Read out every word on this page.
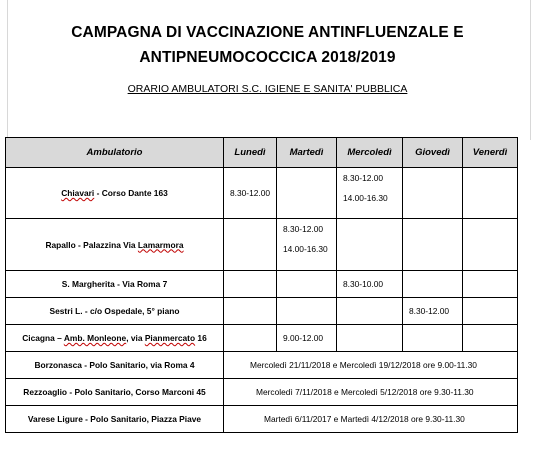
CAMPAGNA DI VACCINAZIONE ANTINFLUENZALE E
ANTIPNEUMOCOCCICA 2018/2019
ORARIO AMBULATORI S.C. IGIENE E SANITA' PUBBLICA
Ambulatorio	Lunedì	Martedì	Mercoledì	Giovedì	Venerdì
Chiavari - Corso Dante 163	8.30-12.00		8.30-12.00
14.00-16.30		

Rapallo - Palazzina Via Lamarmora		8.30-12.00
14.00-16.30			

S. Margherita - Via Roma 7			8.30-10.00		
Sestri L. - c/o Ospedale, 5° piano				8.30-12.00	
Cicagna – Amb. Monleone, via Pianmercato 16		9.00-12.00			
Borzonasca - Polo Sanitario, via Roma 4	Mercoledì 21/11/2018 e Mercoledì 19/12/2018 ore 9.00-11.30				
Rezzoaglio - Polo Sanitario, Corso Marconi 45	Mercoledì 7/11/2018 e Mercoledì 5/12/2018 ore 9.30-11.30				
Varese Ligure - Polo Sanitario, Piazza Piave	Martedì 6/11/2017 e Martedì 4/12/2018 ore 9.30-11.30				
